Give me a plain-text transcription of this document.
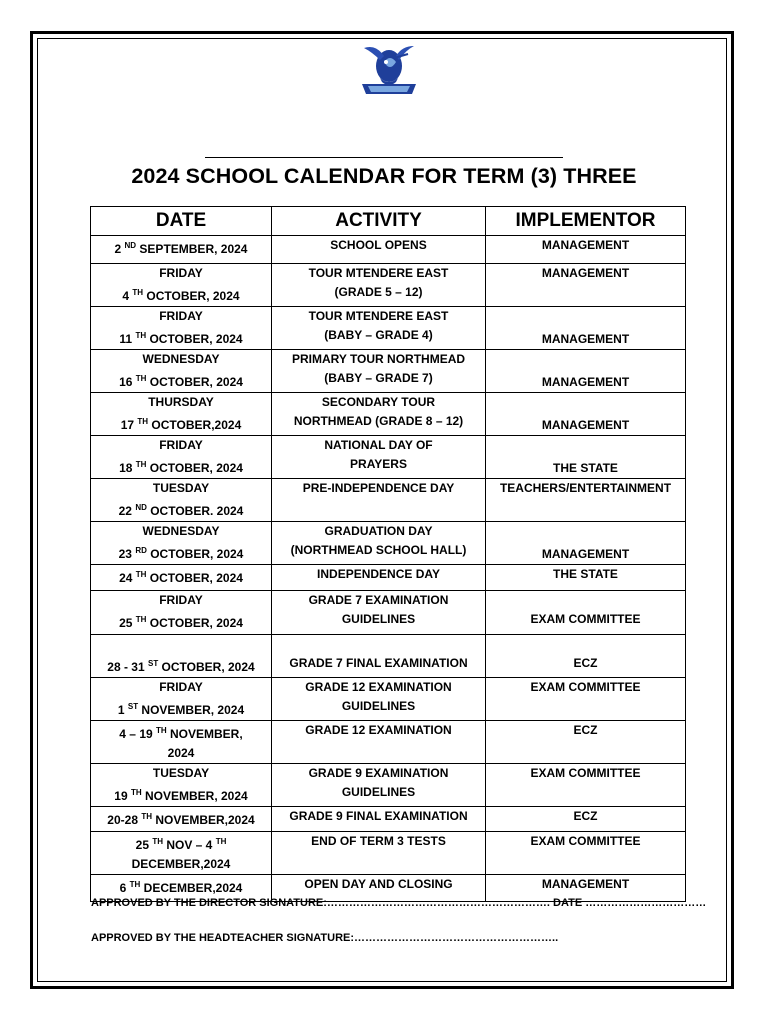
2024 SCHOOL CALENDAR FOR TERM (3) THREE
DATE	ACTIVITY	IMPLEMENTOR

2 $^{ND}$ SEPTEMBER, 2024	SCHOOL OPENS	MANAGEMENT

FRIDAY
4 $^{TH}$ OCTOBER, 2024	TOUR MTENDERE EAST
(GRADE 5 – 12)	MANAGEMENT

FRIDAY
11 $^{TH}$ OCTOBER, 2024	TOUR MTENDERE EAST
(BABY – GRADE 4)	MANAGEMENT

WEDNESDAY
16 $^{TH}$ OCTOBER, 2024	PRIMARY TOUR NORTHMEAD
(BABY – GRADE 7)	MANAGEMENT

THURSDAY
17 $^{TH}$ OCTOBER,2024	SECONDARY TOUR
NORTHMEAD (GRADE 8 – 12)	MANAGEMENT

FRIDAY
18 $^{TH}$ OCTOBER, 2024	NATIONAL DAY OF
PRAYERS	THE STATE

TUESDAY
22 $^{ND}$ OCTOBER. 2024	PRE-INDEPENDENCE DAY	TEACHERS/ENTERTAINMENT

WEDNESDAY
23 $^{RD}$ OCTOBER, 2024	GRADUATION DAY
(NORTHMEAD SCHOOL HALL)	MANAGEMENT

24 $^{TH}$ OCTOBER, 2024	INDEPENDENCE DAY	THE STATE

FRIDAY
25 $^{TH}$ OCTOBER, 2024	GRADE 7 EXAMINATION
GUIDELINES	EXAM COMMITTEE

28 - 31 $^{ST}$ OCTOBER, 2024	GRADE 7 FINAL EXAMINATION	ECZ

FRIDAY
1 $^{ST}$ NOVEMBER, 2024	GRADE 12 EXAMINATION
GUIDELINES	EXAM COMMITTEE

4 – 19 $^{TH}$ NOVEMBER,
2024	GRADE 12 EXAMINATION	ECZ

TUESDAY
19 $^{TH}$ NOVEMBER, 2024	GRADE 9 EXAMINATION
GUIDELINES	EXAM COMMITTEE

20-28 $^{TH}$ NOVEMBER,2024	GRADE 9 FINAL EXAMINATION	ECZ

25 $^{TH}$ NOV – 4 $^{TH}$
DECEMBER,2024	END OF TERM 3 TESTS	EXAM COMMITTEE

6 $^{TH}$ DECEMBER,2024	OPEN DAY AND CLOSING	MANAGEMENT
APPROVED BY THE DIRECTOR SIGNATURE:……………………………………………………. DATE ……………………………
APPROVED BY THE HEADTEACHER SIGNATURE:………………………………………………..
